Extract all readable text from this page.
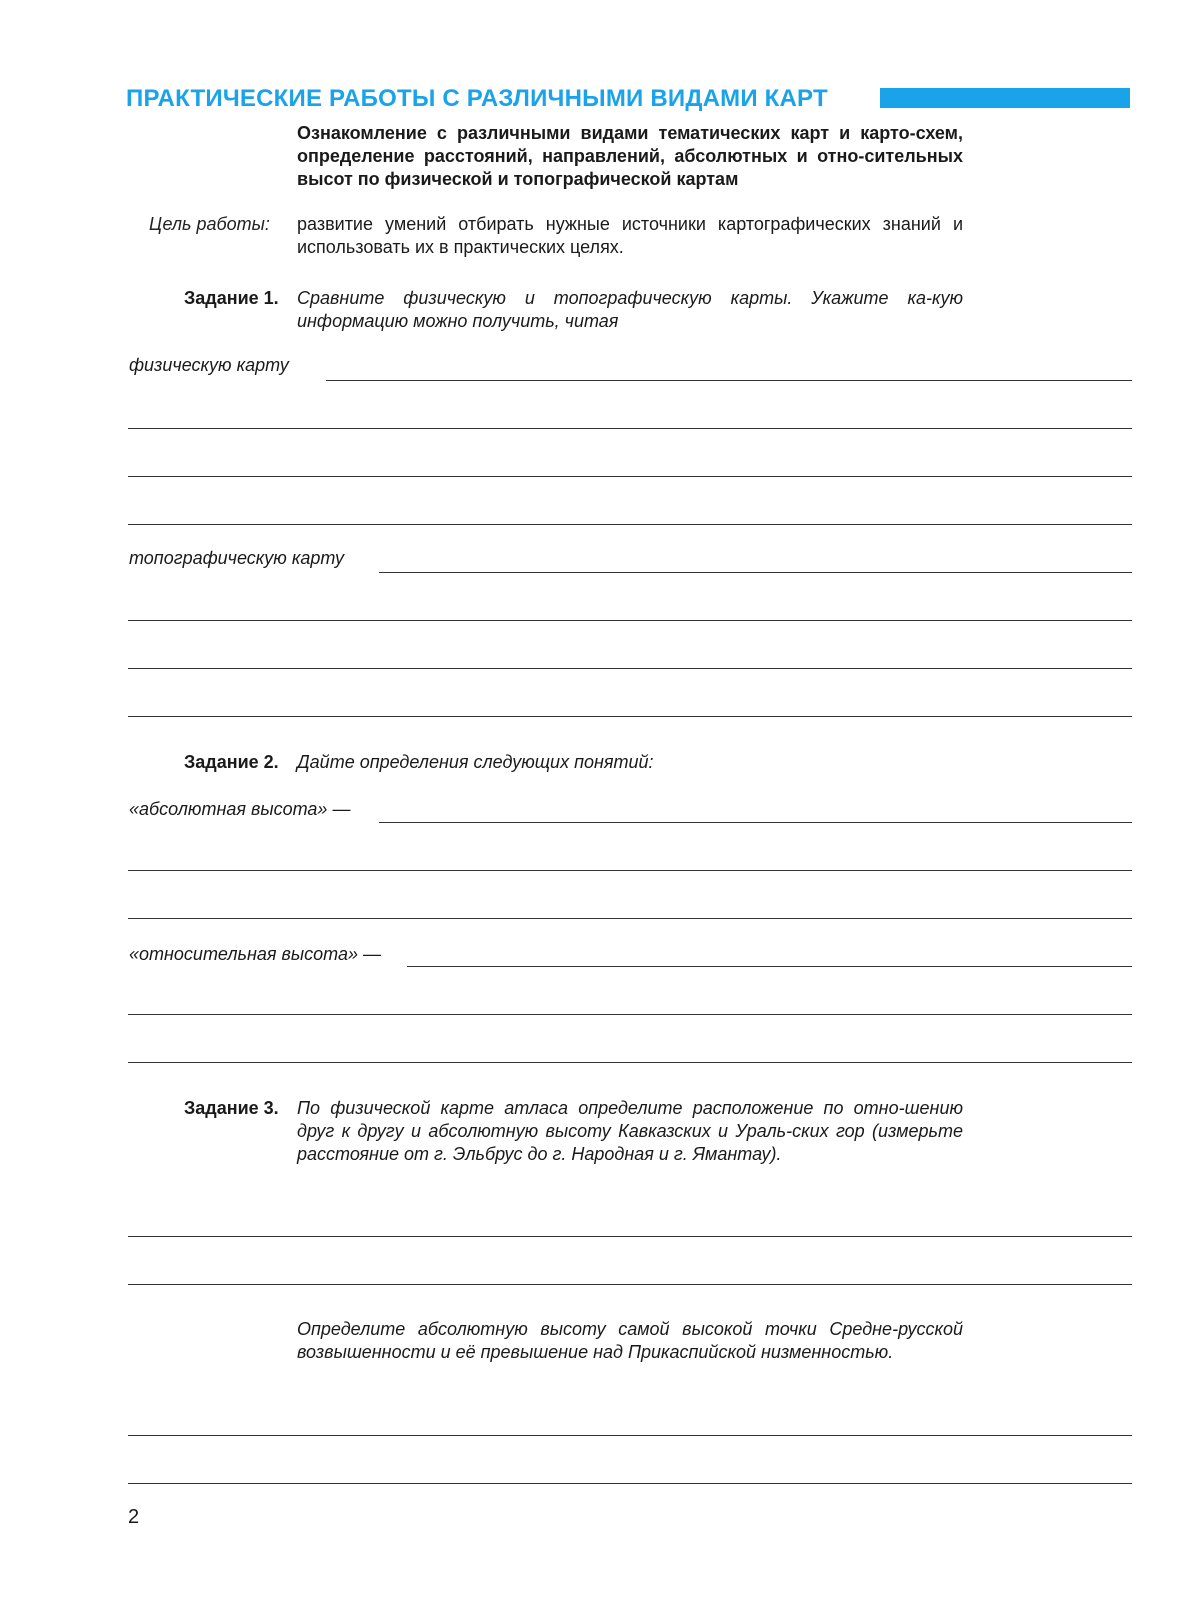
ПРАКТИЧЕСКИЕ РАБОТЫ С РАЗЛИЧНЫМИ ВИДАМИ КАРТ
Ознакомление с различными видами тематических карт и карто-схем, определение расстояний, направлений, абсолютных и отно-сительных высот по физической и топографической картам
Цель работы: развитие умений отбирать нужные источники картографических знаний и использовать их в практических целях.
Задание 1. Сравните физическую и топографическую карты. Укажите ка-кую информацию можно получить, читая
физическую карту
топографическую карту
Задание 2. Дайте определения следующих понятий:
«абсолютная высота» —
«относительная высота» —
Задание 3. По физической карте атласа определите расположение по отно-шению друг к другу и абсолютную высоту Кавказских и Ураль-ских гор (измерьте расстояние от г. Эльбрус до г. Народная и г. Ямантау).
Определите абсолютную высоту самой высокой точки Средне-русской возвышенности и её превышение над Прикаспийской низменностью.
2
